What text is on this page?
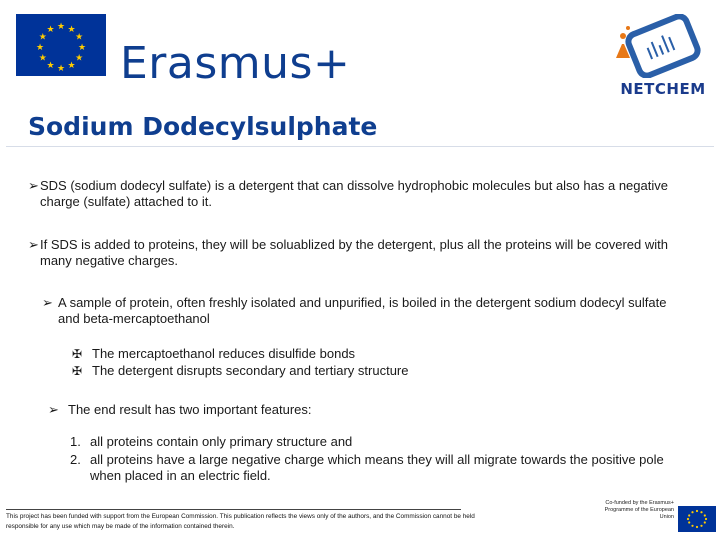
★ ★
★
★
★
★
★
★
★
★
★
★
Erasmus+	NETCHEM
Sodium Dodecylsulphate
➢ SDS (sodium dodecyl sulfate) is a detergent that can dissolve hydrophobic molecules but also has a negative charge (sulfate) attached to it.
➢ If SDS is added to proteins, they will be soluablized by the detergent, plus all the proteins will be covered with many negative charges.
➢ A sample of protein, often freshly isolated and unpurified, is boiled in the detergent sodium dodecyl sulfate and beta-mercaptoethanol
✠ The mercaptoethanol reduces disulfide bonds
✠ The detergent disrupts secondary and tertiary structure
➢ The end result has two important features:
1. all proteins contain only primary structure and
2. all proteins have a large negative charge which means they will all migrate towards the positive pole when placed in an electric field.
This project has been funded with support from the European Commission. This publication reflects the views only of the authors, and the Commission cannot be held responsible for any use which may be made of the information contained therein.
Co-funded by the Erasmus+ Programme of the European Union
